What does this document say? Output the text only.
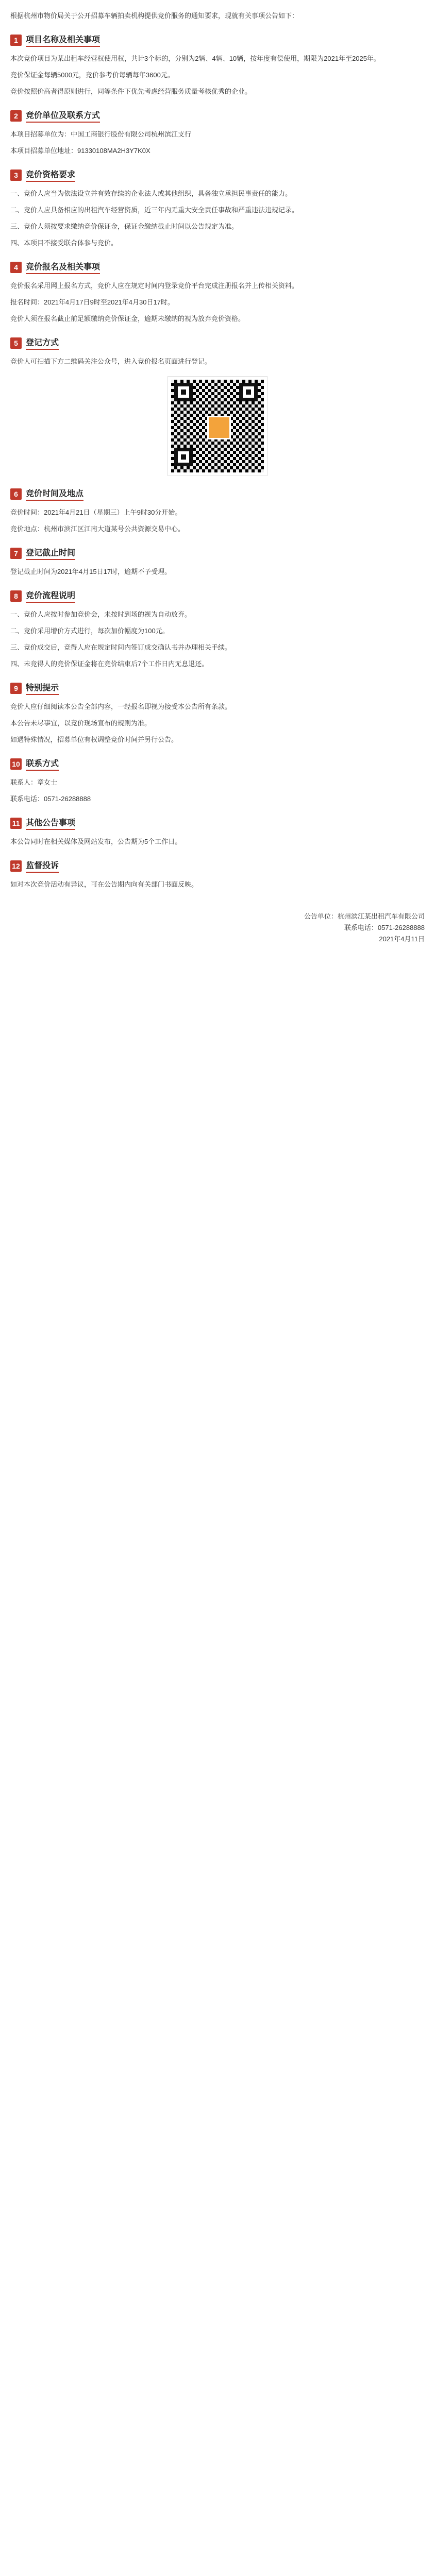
根据杭州市物价局关于公开招募车辆拍卖机构提供竞价服务的通知要求，现就有关事项公告如下：

1 项目名称及相关事项

本次竞价项目为某出租车经营权使用权，共计3个标的，分别为2辆、4辆、10辆，按年度有偿使用，期限为2021年至2025年。

竞价保证金每辆5000元，竞价参考价每辆每年3600元。

竞价按照价高者得原则进行，同等条件下优先考虑经营服务质量考核优秀的企业。

2 竞价单位及联系方式

本项目招募单位为：中国工商银行股份有限公司杭州滨江支行

本项目招募单位地址：91330108MA2H3Y7K0X

3 竞价资格要求

一、竞价人应当为依法设立并有效存续的企业法人或其他组织，具备独立承担民事责任的能力。

二、竞价人应具备相应的出租汽车经营资质，近三年内无重大安全责任事故和严重违法违规记录。

三、竞价人须按要求缴纳竞价保证金，保证金缴纳截止时间以公告规定为准。

四、本项目不接受联合体参与竞价。

4 竞价报名及相关事项

竞价报名采用网上报名方式，竞价人应在规定时间内登录竞价平台完成注册报名并上传相关资料。

报名时间：2021年4月17日9时至2021年4月30日17时。

竞价人须在报名截止前足额缴纳竞价保证金，逾期未缴纳的视为放弃竞价资格。

5 登记方式

竞价人可扫描下方二维码关注公众号，进入竞价报名页面进行登记。

6 竞价时间及地点

竞价时间：2021年4月21日（星期三）上午9时30分开始。

竞价地点：杭州市滨江区江南大道某号公共资源交易中心。

7 登记截止时间

登记截止时间为2021年4月15日17时，逾期不予受理。

8 竞价流程说明

一、竞价人应按时参加竞价会，未按时到场的视为自动放弃。

二、竞价采用增价方式进行，每次加价幅度为100元。

三、竞价成交后，竞得人应在规定时间内签订成交确认书并办理相关手续。

四、未竞得人的竞价保证金将在竞价结束后7个工作日内无息退还。

9 特别提示

竞价人应仔细阅读本公告全部内容，一经报名即视为接受本公告所有条款。

本公告未尽事宜，以竞价现场宣布的规则为准。

如遇特殊情况，招募单位有权调整竞价时间并另行公告。

10 联系方式

联系人：章女士

联系电话：0571-26288888

11 其他公告事项

本公告同时在相关媒体及网站发布，公告期为5个工作日。

12 监督投诉

如对本次竞价活动有异议，可在公告期内向有关部门书面反映。

公告单位：杭州滨江某出租汽车有限公司
联系电话：0571-26288888
2021年4月11日
